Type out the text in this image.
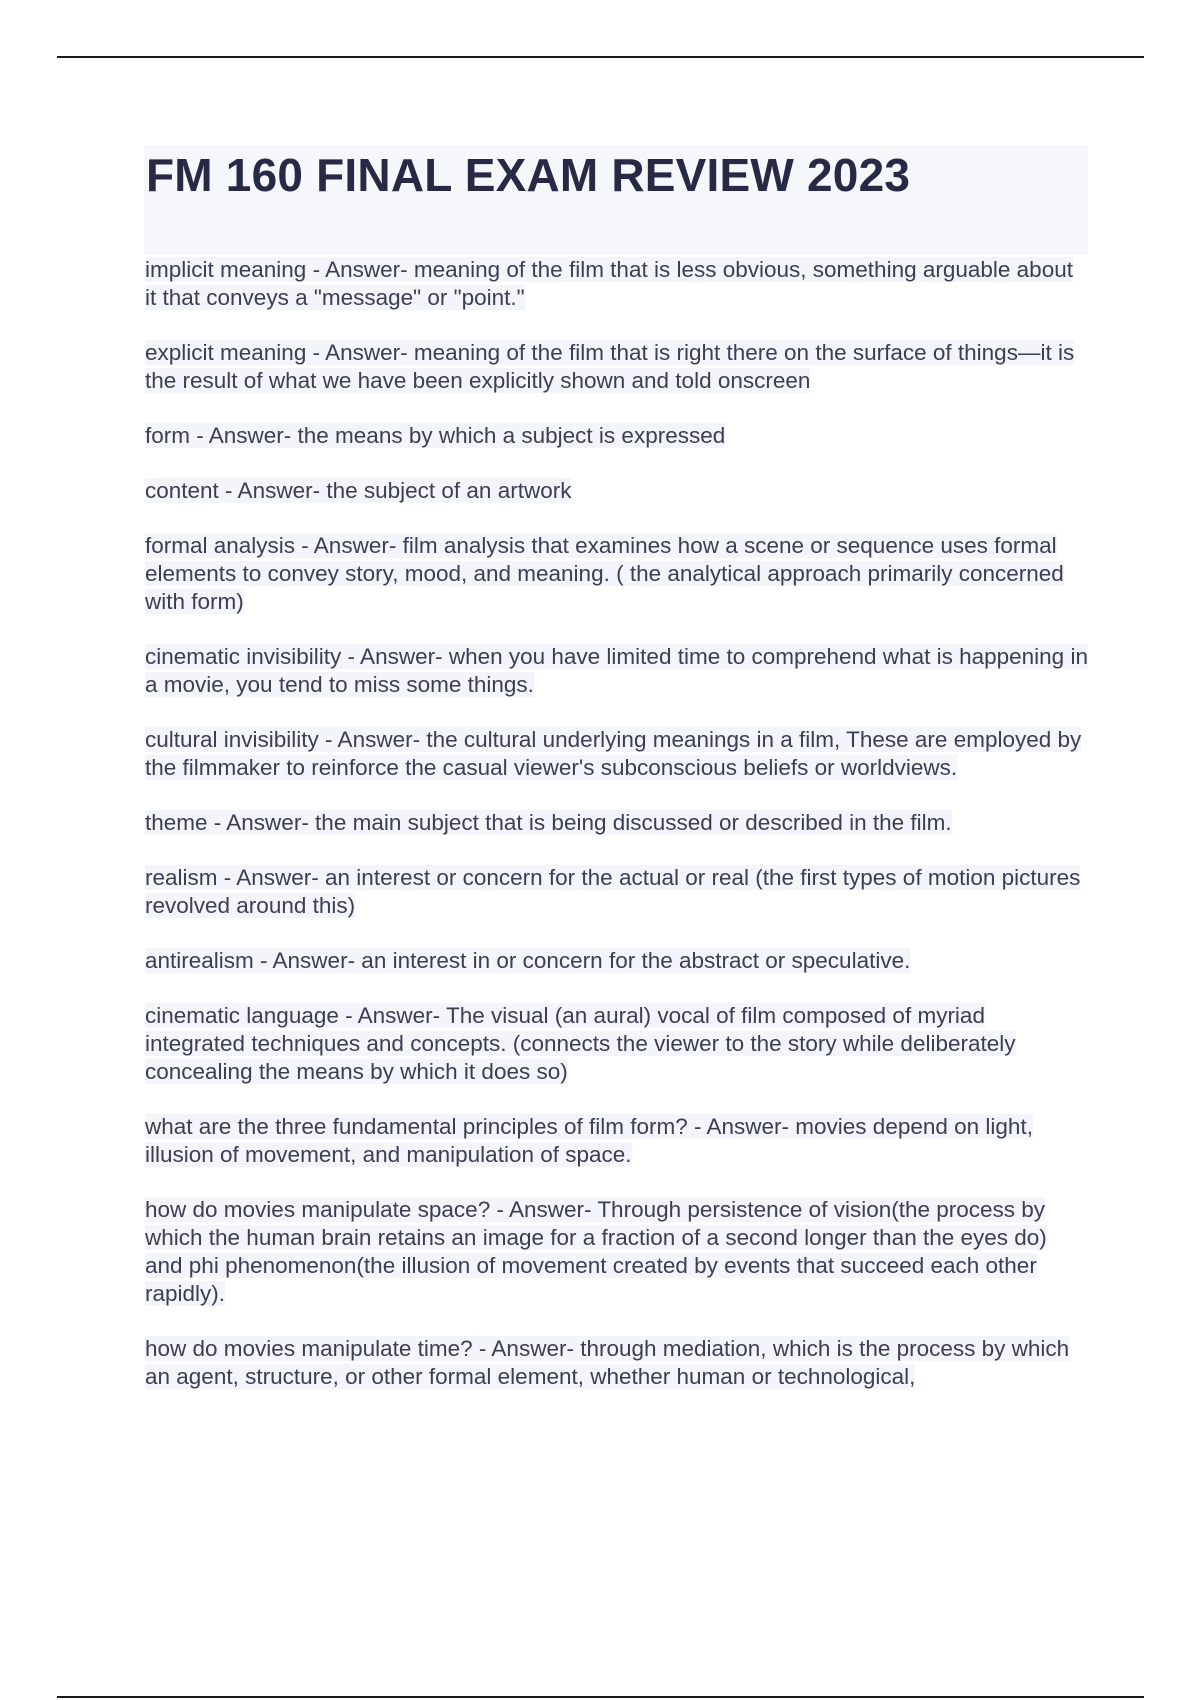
FM 160 FINAL EXAM REVIEW 2023

implicit meaning - Answer- meaning of the film that is less obvious, something arguable about it that conveys a "message" or "point."

explicit meaning - Answer- meaning of the film that is right there on the surface of things—it is the result of what we have been explicitly shown and told onscreen

form - Answer- the means by which a subject is expressed

content - Answer- the subject of an artwork

formal analysis - Answer- film analysis that examines how a scene or sequence uses formal elements to convey story, mood, and meaning. ( the analytical approach primarily concerned with form)

cinematic invisibility - Answer- when you have limited time to comprehend what is happening in a movie, you tend to miss some things.

cultural invisibility - Answer- the cultural underlying meanings in a film, These are employed by the filmmaker to reinforce the casual viewer's subconscious beliefs or worldviews.

theme - Answer- the main subject that is being discussed or described in the film.

realism - Answer- an interest or concern for the actual or real (the first types of motion pictures revolved around this)

antirealism - Answer- an interest in or concern for the abstract or speculative.

cinematic language - Answer- The visual (an aural) vocal of film composed of myriad integrated techniques and concepts. (connects the viewer to the story while deliberately concealing the means by which it does so)

what are the three fundamental principles of film form? - Answer- movies depend on light, illusion of movement, and manipulation of space.

how do movies manipulate space? - Answer- Through persistence of vision(the process by which the human brain retains an image for a fraction of a second longer than the eyes do) and phi phenomenon(the illusion of movement created by events that succeed each other rapidly).

how do movies manipulate time? - Answer- through mediation, which is the process by which an agent, structure, or other formal element, whether human or technological,
